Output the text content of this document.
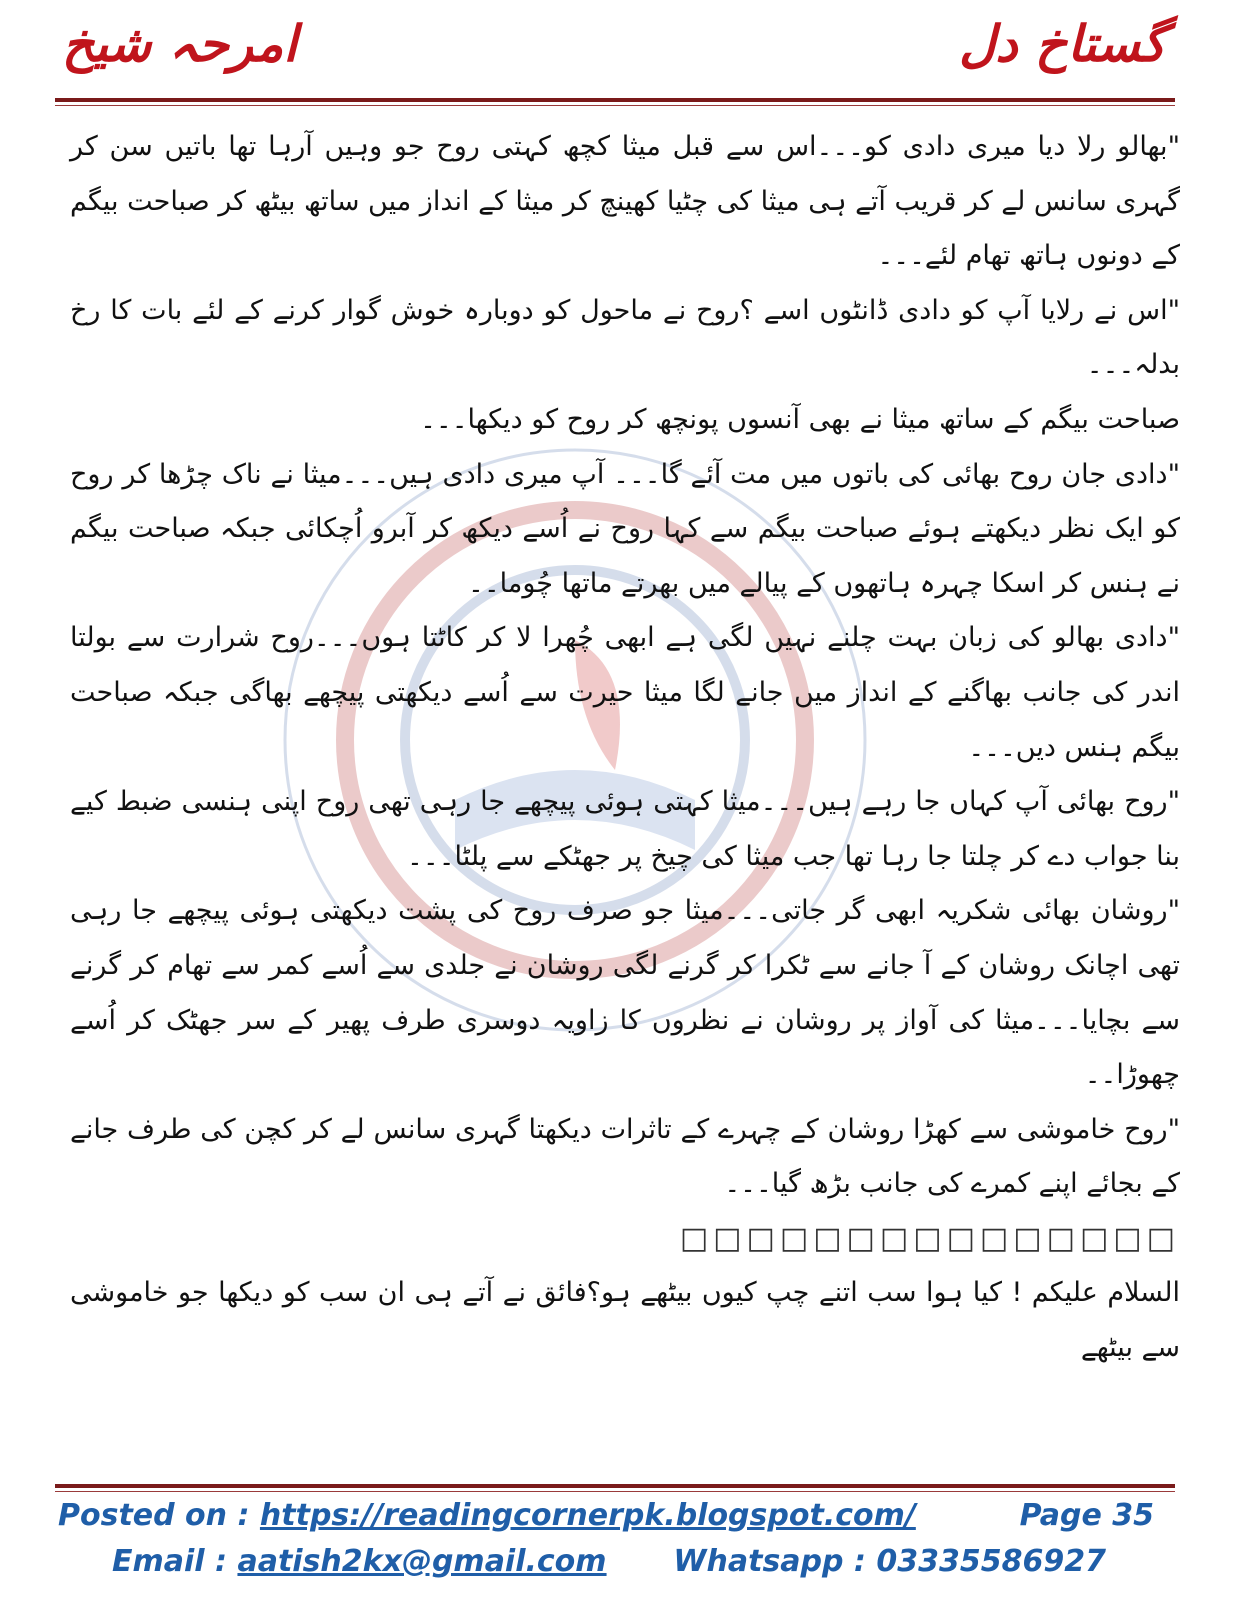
گستاخ دل
امرحہ شیخ

"بھالو رلا دیا میری دادی کو۔۔۔اس سے قبل میثا کچھ کہتی روح جو وہیں آرہا تھا باتیں سن کر گہری سانس لے کر قریب آتے ہی میثا کی چٹیا کھینچ کر میثا کے انداز میں ساتھ بیٹھ کر صباحت بیگم کے دونوں ہاتھ تھام لئے۔۔۔

"اس نے رلایا آپ کو دادی ڈانٹوں اسے ؟روح نے ماحول کو دوبارہ خوش گوار کرنے کے لئے بات کا رخ بدلہ۔۔۔

صباحت بیگم کے ساتھ میثا نے بھی آنسوں پونچھ کر روح کو دیکھا۔۔۔

"دادی جان روح بھائی کی باتوں میں مت آئے گا۔۔۔ آپ میری دادی ہیں۔۔۔میثا نے ناک چڑھا کر روح کو ایک نظر دیکھتے ہوئے صباحت بیگم سے کہا روح نے اُسے دیکھ کر آبرو اُچکائی جبکہ صباحت بیگم نے ہنس کر اسکا چہرہ ہاتھوں کے پیالے میں بھرتے ماتھا چُوما۔۔

"دادی بھالو کی زبان بہت چلنے نہیں لگی ہے ابھی چُھرا لا کر کاٹتا ہوں۔۔۔روح شرارت سے بولتا اندر کی جانب بھاگنے کے انداز میں جانے لگا میثا حیرت سے اُسے دیکھتی پیچھے بھاگی جبکہ صباحت بیگم ہنس دیں۔۔۔

"روح بھائی آپ کہاں جا رہے ہیں۔۔۔میثا کہتی ہوئی پیچھے جا رہی تھی روح اپنی ہنسی ضبط کیے بنا جواب دے کر چلتا جا رہا تھا جب میثا کی چیخ پر جھٹکے سے پلٹا۔۔۔

"روشان بھائی شکریہ ابھی گر جاتی۔۔۔میثا جو صرف روح کی پشت دیکھتی ہوئی پیچھے جا رہی تھی اچانک روشان کے آ جانے سے ٹکرا کر گرنے لگی روشان نے جلدی سے اُسے کمر سے تھام کر گرنے سے بچایا۔۔۔میثا کی آواز پر روشان نے نظروں کا زاویہ دوسری طرف پھیر کے سر جھٹک کر اُسے چھوڑا۔۔

"روح خاموشی سے کھڑا روشان کے چہرے کے تاثرات دیکھتا گہری سانس لے کر کچن کی طرف جانے کے بجائے اپنے کمرے کی جانب بڑھ گیا۔۔۔

□□□□□□□□□□□□□□□

السلام علیکم ! کیا ہوا سب اتنے چپ کیوں بیٹھے ہو؟فائق نے آتے ہی ان سب کو دیکھا جو خاموشی سے بیٹھے

Posted on : https://readingcornerpk.blogspot.com/	Page 35
Email : aatish2kx@gmail.com Whatsapp : 03335586927
